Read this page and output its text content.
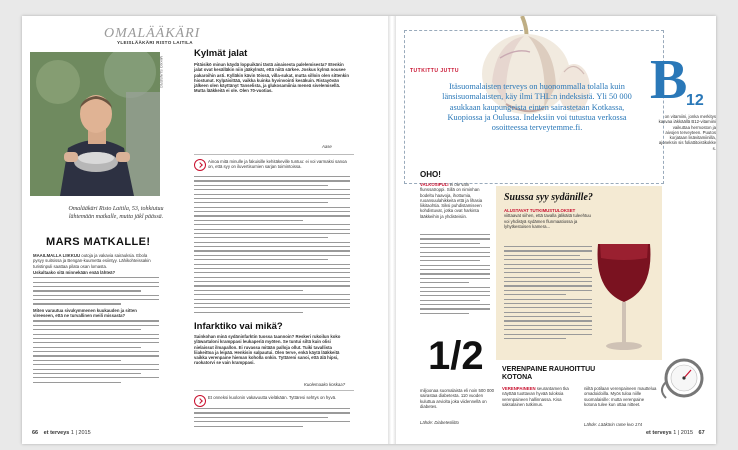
OMALÄÄKÄRI
YLEISLÄÄKÄRI RISTO LAITILA
MIKKO SUNBERG
Omalääkäri Risto Laitila, 53, tohkiutuu lähtemään matkalle, mutta jäkl päässä.
MARS MATKALLE!
MAAILMALLA LIIKKUU outoja ja vakavia sairauksia. Ebola pysyy suitsissa ja Bengan-kuumetta esiintyy. Lähikohteissakin turistinpuli saattaa pilata osan lomasta.
Uskaltaako sitä minnekään enää lähteä?
Miten varautua sivukymmenen kuukauden ja sitten vireeseen, että ne turvallinen meili missasta?
Kylmät jalat
Pitäisikö minun käydä loppuikäni tästä ainaisesta palelemisesta? Etenkin jalat ovat kesälläkin niin jääkylmät, että niitä särkee. Joskus kylmä nousee pakaroihin asti. Kylläkin kävin töissä, villa-sukat, mutta silloin olen sittenkin hiostunut. Kylpäisittää, vaikka kuinka hyvinvointi kesäkuin. Ristayövän jälkeen olen käyttänyt Tanselista, ja glukosamiinia meneä sivelemisellä. Mutta lääkkeitä ei ole. Olen 70-vuotias.
Aase
Ainoa mitä minulle ja fakuisille kehitäkeville tuntuu: ei voi varmaksi sanoa on, että syy on iluvertisurnien sarjan toimintoissa.
Infarktiko vai mikä?
Sainkohan minä sydäninfarktin tuossa taannoin? Reskeri rukoilun koko yläwartaloni kramppasi leukaperiä myöten. Se tuntui siltä kuin olisi nielaissut ilmapallon. Ei ruvassa mitään palloja ollut. Tuiki tavallista liiakeittoa ja leipää. Henkisin salpautui. Olen terve, enkä käytä lääkkeitä vaikka verenpaine hieman koholla onkin. Tyttäreni sanoi, että älä hipsi, ruokatorvi se vain kramppasi.
Kuolemaako koskaa?
Et onneksi kuolonin vakavuutta vieläkään. Tyttäresi sehtys on hyvä.
66 et terveys 1 | 2015
TUTKITTU JUTTU
Itäsuomalaisten terveys on huonommalla tolalla kuin länsisuomalaisten, käy ilmi THL:n indeksistä. Yli 50 000 asukkaan kaupungeista einten sairastetaan Kotkassa, Kuopiossa ja Oulussa. Indeksiin voi tutustua verkossa osoitteessa terveytemme.fi.
B
12
on vitamiini, jonka merkitys kasvaa iäkkäällä B12-vitamiini vaikuttaa hermoston ja aivojen terveyteen. Puutos korjataan lisävitamiinilla, ajoneksin sis foliattitoistikokke s.
OHO!
VALKOSIPULI ei ole vain flunssatroppi. Sillä on niminhan bodeltu haavoja, ihottumia, ruoansuulahikkeita että ja lihasia liikitaohtia. Siksi puhdistamiseen kohdistuvat, jotka ovat harkinta lääkkeihin ja yhdisteisiin.
Suussa syy sydänille?
ALUSTAVAT TUTKIMUSTULOKSET viittaavat siihen, että tavalla jälikäitä tuleehtuu voi yhdistyä sydämen flunmaatiossa ja lyhytkestoisen kamera...
1/2
miljoonaa suomalaista eli noin 500 000 sairastaa diabetesta. 110 vuoden kuluttua arviolta joka viidennellä on diabetes.
Lähde: Diabetesliitto
VERENPAINE RAUHOITTUU KOTONA
VERENPAINEEN seurantamen tka näyttää tuottavan hyvää tuloksia verenpaineen hallinnassa. Kisa saksalainen tutkimus.
niiltä potilaan verenpaineen mauttelua omadoidoilla. Myös tuloa niille suomalaisille: mutta verenpaine kotona tulee kun ottaa nitteet.
Lähde: Lääkärin rame kvo 174
et terveys 1 | 2015 67
